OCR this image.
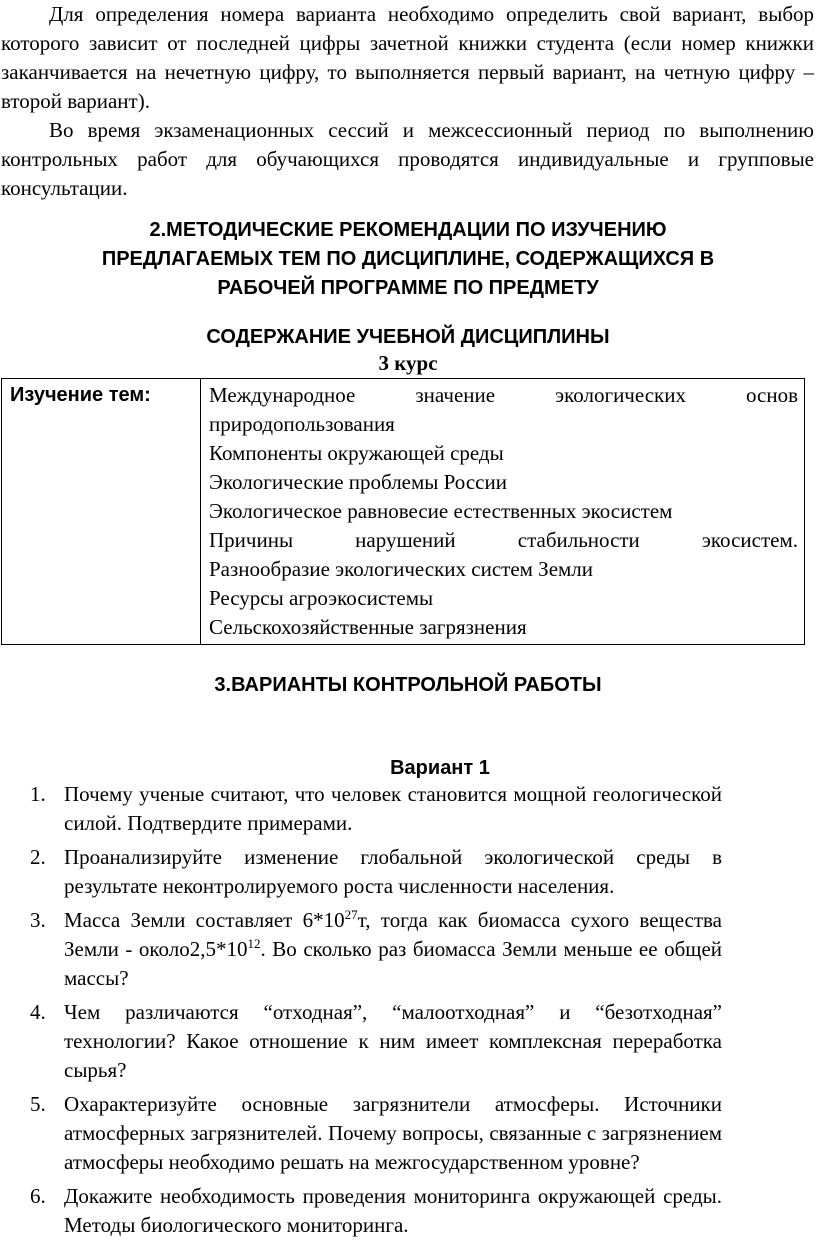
Для определения номера варианта необходимо определить свой вариант, выбор которого зависит от последней цифры зачетной книжки студента (если номер книжки заканчивается на нечетную цифру, то выполняется первый вариант, на четную цифру – второй вариант).

Во время экзаменационных сессий и межсессионный период по выполнению контрольных работ для обучающихся проводятся индивидуальные и групповые консультации.

2.МЕТОДИЧЕСКИЕ РЕКОМЕНДАЦИИ ПО ИЗУЧЕНИЮ
ПРЕДЛАГАЕМЫХ ТЕМ ПО ДИСЦИПЛИНЕ, СОДЕРЖАЩИХСЯ В
РАБОЧЕЙ ПРОГРАММЕ ПО ПРЕДМЕТУ
СОДЕРЖАНИЕ УЧЕБНОЙ ДИСЦИПЛИНЫ
3 курс
Изучение тем:	Международное значение экологических основ
природопользования
Компоненты окружающей среды
Экологические проблемы России
Экологическое равновесие естественных экосистем
Причины нарушений стабильности экосистем.
Разнообразие экологических систем Земли
Ресурсы агроэкосистемы
Сельскохозяйственные загрязнения
3.ВАРИАНТЫ КОНТРОЛЬНОЙ РАБОТЫ
Вариант 1
1. Почему ученые считают, что человек становится мощной геологической силой. Подтвердите примерами.
2. Проанализируйте изменение глобальной экологической среды в результате неконтролируемого роста численности населения.
3. Масса Земли составляет $6*10^{27}т$, тогда как биомасса сухого вещества Земли - $около2,5*10^{12}$. Во сколько раз биомасса Земли меньше ее общей массы?
4. Чем различаются “отходная”, “малоотходная” и “безотходная” технологии? Какое отношение к ним имеет комплексная переработка сырья?
5. Охарактеризуйте основные загрязнители атмосферы. Источники атмосферных загрязнителей. Почему вопросы, связанные с загрязнением атмосферы необходимо решать на межгосударственном уровне?
6. Докажите необходимость проведения мониторинга окружающей среды. Методы биологического мониторинга.
